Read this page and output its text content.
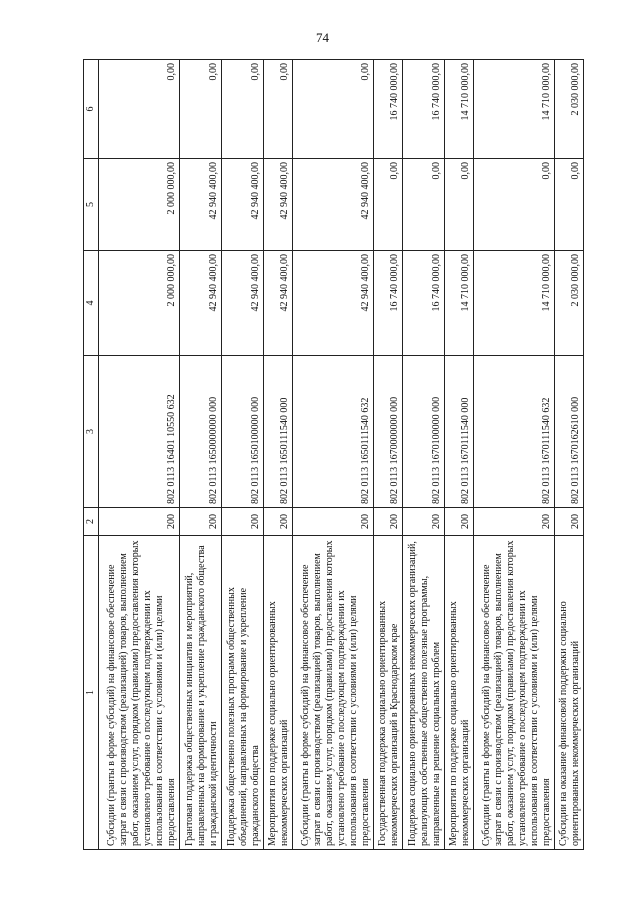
74
1	2	3	4	5	6
Субсидии (гранты в форме субсидий) на финансовое обеспечение затрат в связи с производством (реализацией) товаров, выполнением работ, оказанием услуг, порядком (правилами) предоставления которых установлено требование о последующем подтверждении их использования в соответствии с условиями и (или) целями предоставления	200	802 0113 16401 10550 632	2 000 000,00	2 000 000,00	0,00
Грантовая поддержка общественных инициатив и мероприятий, направленных на формирование и укрепление гражданского общества и гражданской идентичности	200	802 0113 1650000000 000	42 940 400,00	42 940 400,00	0,00
Поддержка общественно полезных программ общественных объединений, направленных на формирование и укрепление гражданского общества	200	802 0113 1650100000 000	42 940 400,00	42 940 400,00	0,00
Мероприятия по поддержке социально ориентированных некоммерческих организаций	200	802 0113 1650111540 000	42 940 400,00	42 940 400,00	0,00
Субсидии (гранты в форме субсидий) на финансовое обеспечение затрат в связи с производством (реализацией) товаров, выполнением работ, оказанием услуг, порядком (правилами) предоставления которых установлено требование о последующем подтверждении их использования в соответствии с условиями и (или) целями предоставления	200	802 0113 1650111540 632	42 940 400,00	42 940 400,00	0,00
Государственная поддержка социально ориентированных некоммерческих организаций в Краснодарском крае	200	802 0113 1670000000 000	16 740 000,00	0,00	16 740 000,00
Поддержка социально ориентированных некоммерческих организаций, реализующих собственные общественно полезные программы, направленные на решение социальных проблем	200	802 0113 1670100000 000	16 740 000,00	0,00	16 740 000,00
Мероприятия по поддержке социально ориентированных некоммерческих организаций	200	802 0113 1670111540 000	14 710 000,00	0,00	14 710 000,00
Субсидии (гранты в форме субсидий) на финансовое обеспечение затрат в связи с производством (реализацией) товаров, выполнением работ, оказанием услуг, порядком (правилами) предоставления которых установлено требование о последующем подтверждении их использования в соответствии с условиями и (или) целями предоставления	200	802 0113 1670111540 632	14 710 000,00	0,00	14 710 000,00
Субсидии на оказание финансовой поддержки социально ориентированных некоммерческих организаций	200	802 0113 1670162610 000	2 030 000,00	0,00	2 030 000,00
